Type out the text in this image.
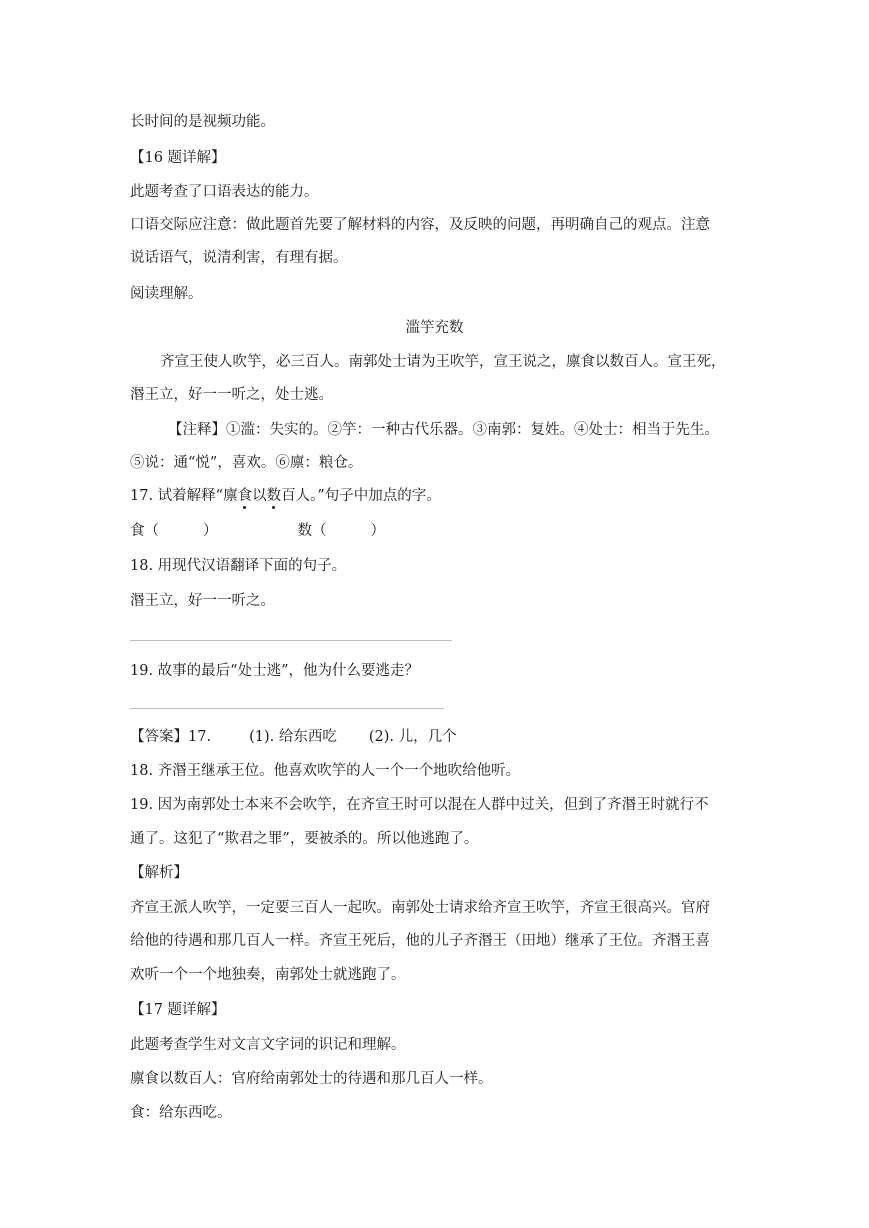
长时间的是视频功能。
【16 题详解】
此题考查了口语表达的能力。
口语交际应注意：做此题首先要了解材料的内容，及反映的问题，再明确自己的观点。注意
说话语气，说清利害，有理有据。
阅读理解。
滥竽充数
齐宣王使人吹竽，必三百人。南郭处士请为王吹竽，宣王说之，廪食以数百人。宣王死，
湣王立，好一一听之，处士逃。
【注释】①滥：失实的。②竽：一种古代乐器。③南郭：复姓。④处士：相当于先生。
⑤说：通“悦”，喜欢。⑥廪：粮仓。
17. 试着解释“廪食以数百人。”句子中加点的字。
食（	）	数（	）
18. 用现代汉语翻译下面的句子。
湣王立，好一一听之。
19. 故事的最后“处士逃”，他为什么要逃走？
【答案】17.	(1). 给东西吃 (2). 儿，几个
18. 齐湣王继承王位。他喜欢吹竽的人一个一个地吹给他听。
19. 因为南郭处士本来不会吹竽，在齐宣王时可以混在人群中过关，但到了齐湣王时就行不
通了。这犯了“欺君之罪”，要被杀的。所以他逃跑了。
【解析】
齐宣王派人吹竽，一定要三百人一起吹。南郭处士请求给齐宣王吹竽，齐宣王很高兴。官府
给他的待遇和那几百人一样。齐宣王死后，他的儿子齐湣王（田地）继承了王位。齐湣王喜
欢听一个一个地独奏，南郭处士就逃跑了。
【17 题详解】
此题考查学生对文言文字词的识记和理解。
廪食以数百人：官府给南郭处士的待遇和那几百人一样。
食：给东西吃。
